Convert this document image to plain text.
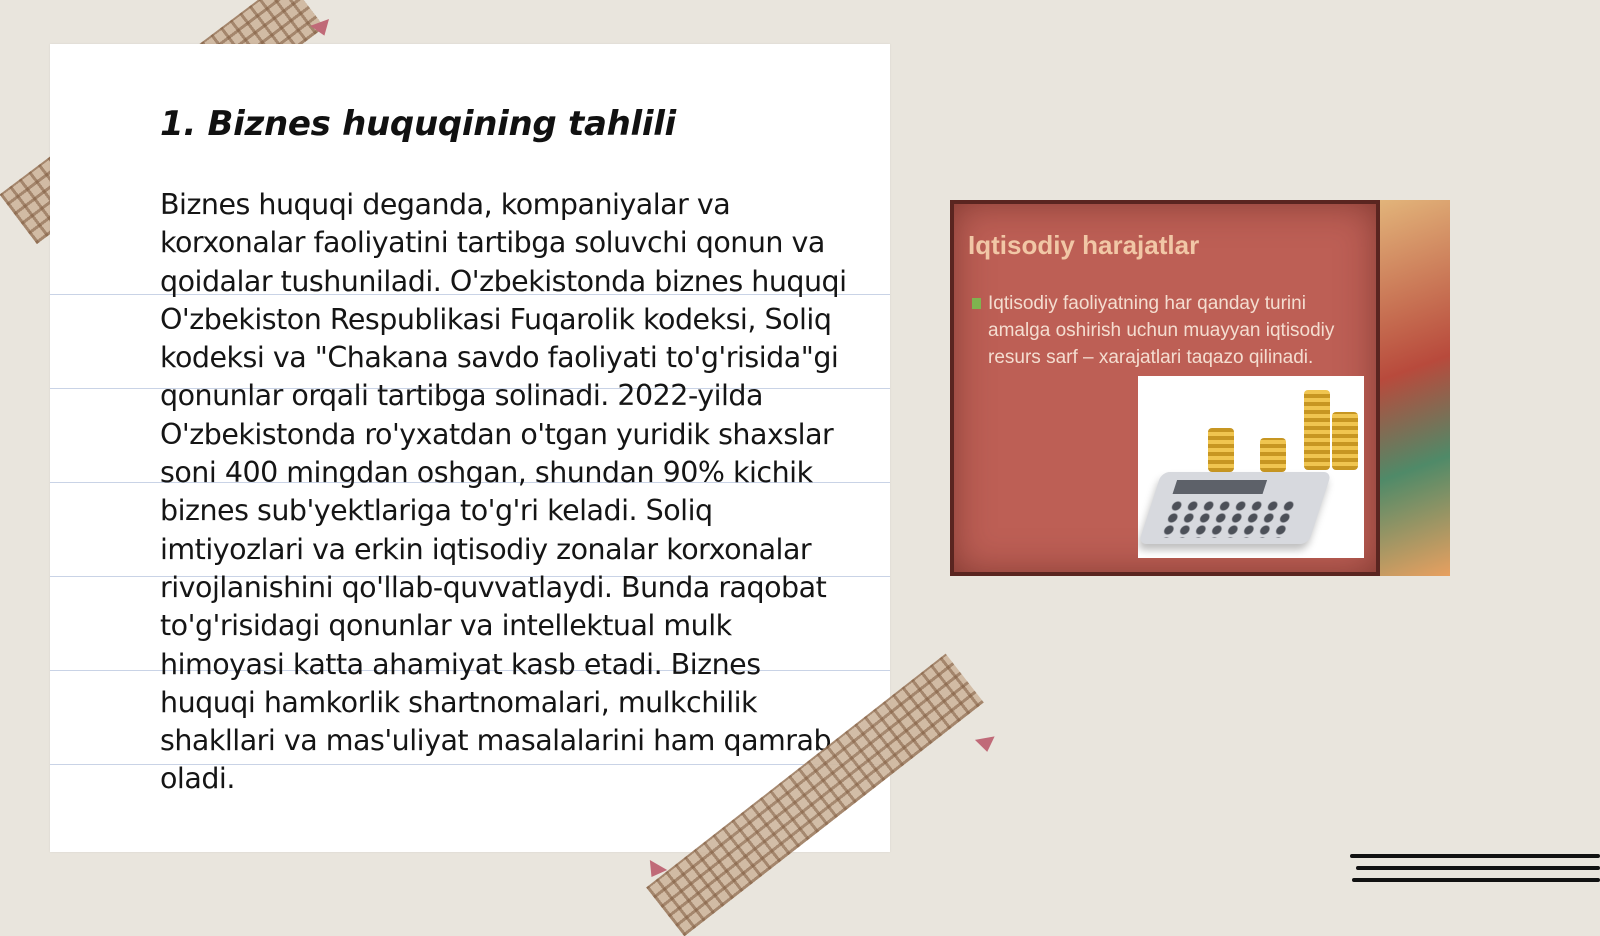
1. Biznes huquqining tahlili

Biznes huquqi deganda, kompaniyalar va korxonalar faoliyatini tartibga soluvchi qonun va qoidalar tushuniladi. O'zbekistonda biznes huquqi O'zbekiston Respublikasi Fuqarolik kodeksi, Soliq kodeksi va "Chakana savdo faoliyati to'g'risida"gi qonunlar orqali tartibga solinadi. 2022-yilda O'zbekistonda ro'yxatdan o'tgan yuridik shaxslar soni 400 mingdan oshgan, shundan 90% kichik biznes sub'yektlariga to'g'ri keladi. Soliq imtiyozlari va erkin iqtisodiy zonalar korxonalar rivojlanishini qo'llab-quvvatlaydi. Bunda raqobat to'g'risidagi qonunlar va intellektual mulk himoyasi katta ahamiyat kasb etadi. Biznes huquqi hamkorlik shartnomalari, mulkchilik shakllari va mas'uliyat masalalarini ham qamrab oladi.

Iqtisodiy harajatlar

Iqtisodiy faoliyatning har qanday turini amalga oshirish uchun muayyan iqtisodiy resurs sarf – xarajatlari taqazo qilinadi.
